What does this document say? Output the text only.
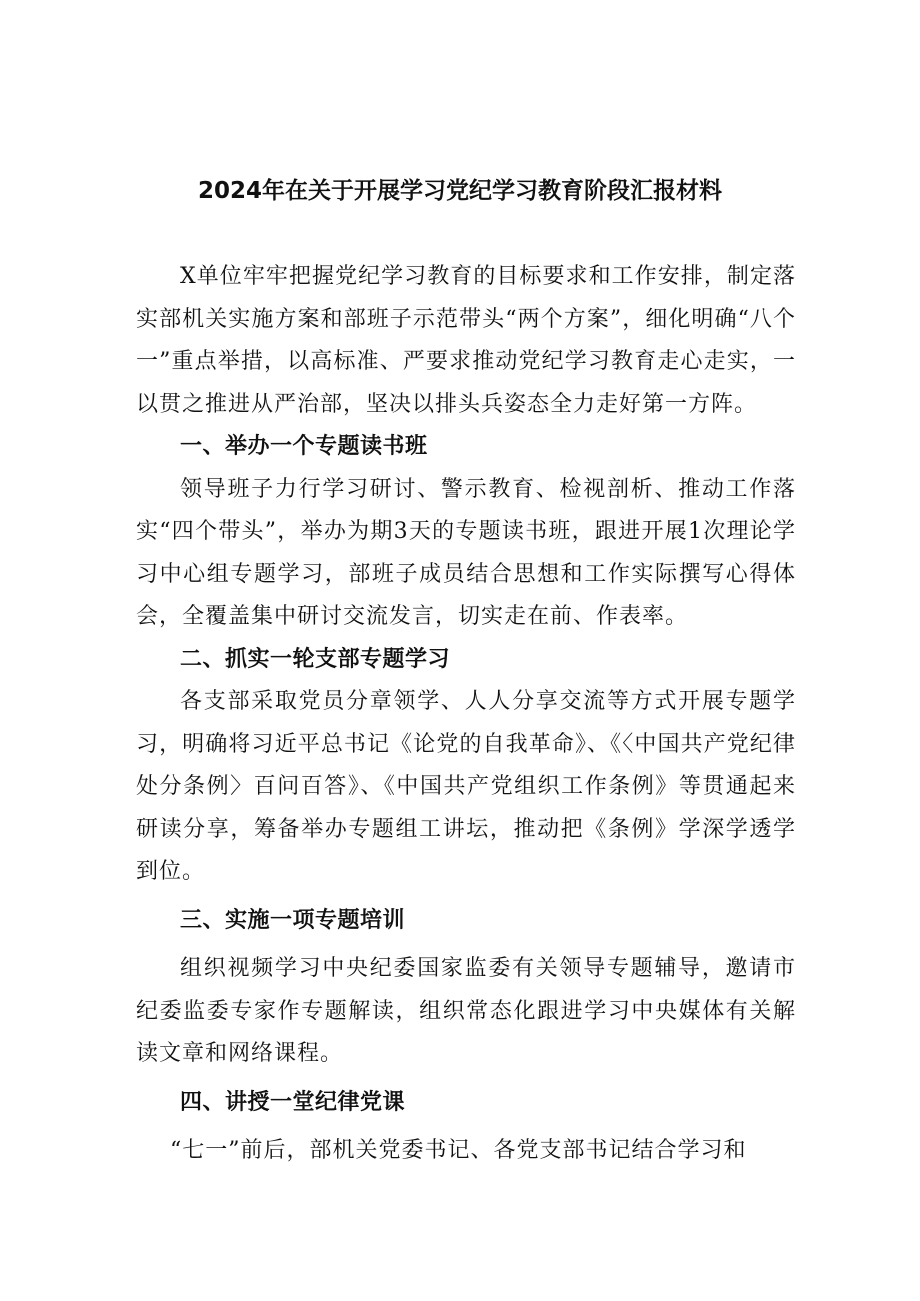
2024年在关于开展学习党纪学习教育阶段汇报材料

X单位牢牢把握党纪学习教育的目标要求和工作安排，制定落实部机关实施方案和部班子示范带头“两个方案”，细化明确“八个一”重点举措，以高标准、严要求推动党纪学习教育走心走实，一以贯之推进从严治部，坚决以排头兵姿态全力走好第一方阵。

一、举办一个专题读书班

领导班子力行学习研讨、警示教育、检视剖析、推动工作落实“四个带头”，举办为期3天的专题读书班，跟进开展1次理论学习中心组专题学习，部班子成员结合思想和工作实际撰写心得体会，全覆盖集中研讨交流发言，切实走在前、作表率。

二、抓实一轮支部专题学习

各支部采取党员分章领学、人人分享交流等方式开展专题学习，明确将习近平总书记《论党的自我革命》、《〈中国共产党纪律处分条例〉百问百答》、《中国共产党组织工作条例》等贯通起来研读分享，筹备举办专题组工讲坛，推动把《条例》学深学透学到位。

三、实施一项专题培训

组织视频学习中央纪委国家监委有关领导专题辅导，邀请市纪委监委专家作专题解读，组织常态化跟进学习中央媒体有关解读文章和网络课程。

四、讲授一堂纪律党课

“七一”前后，部机关党委书记、各党支部书记结合学习和
